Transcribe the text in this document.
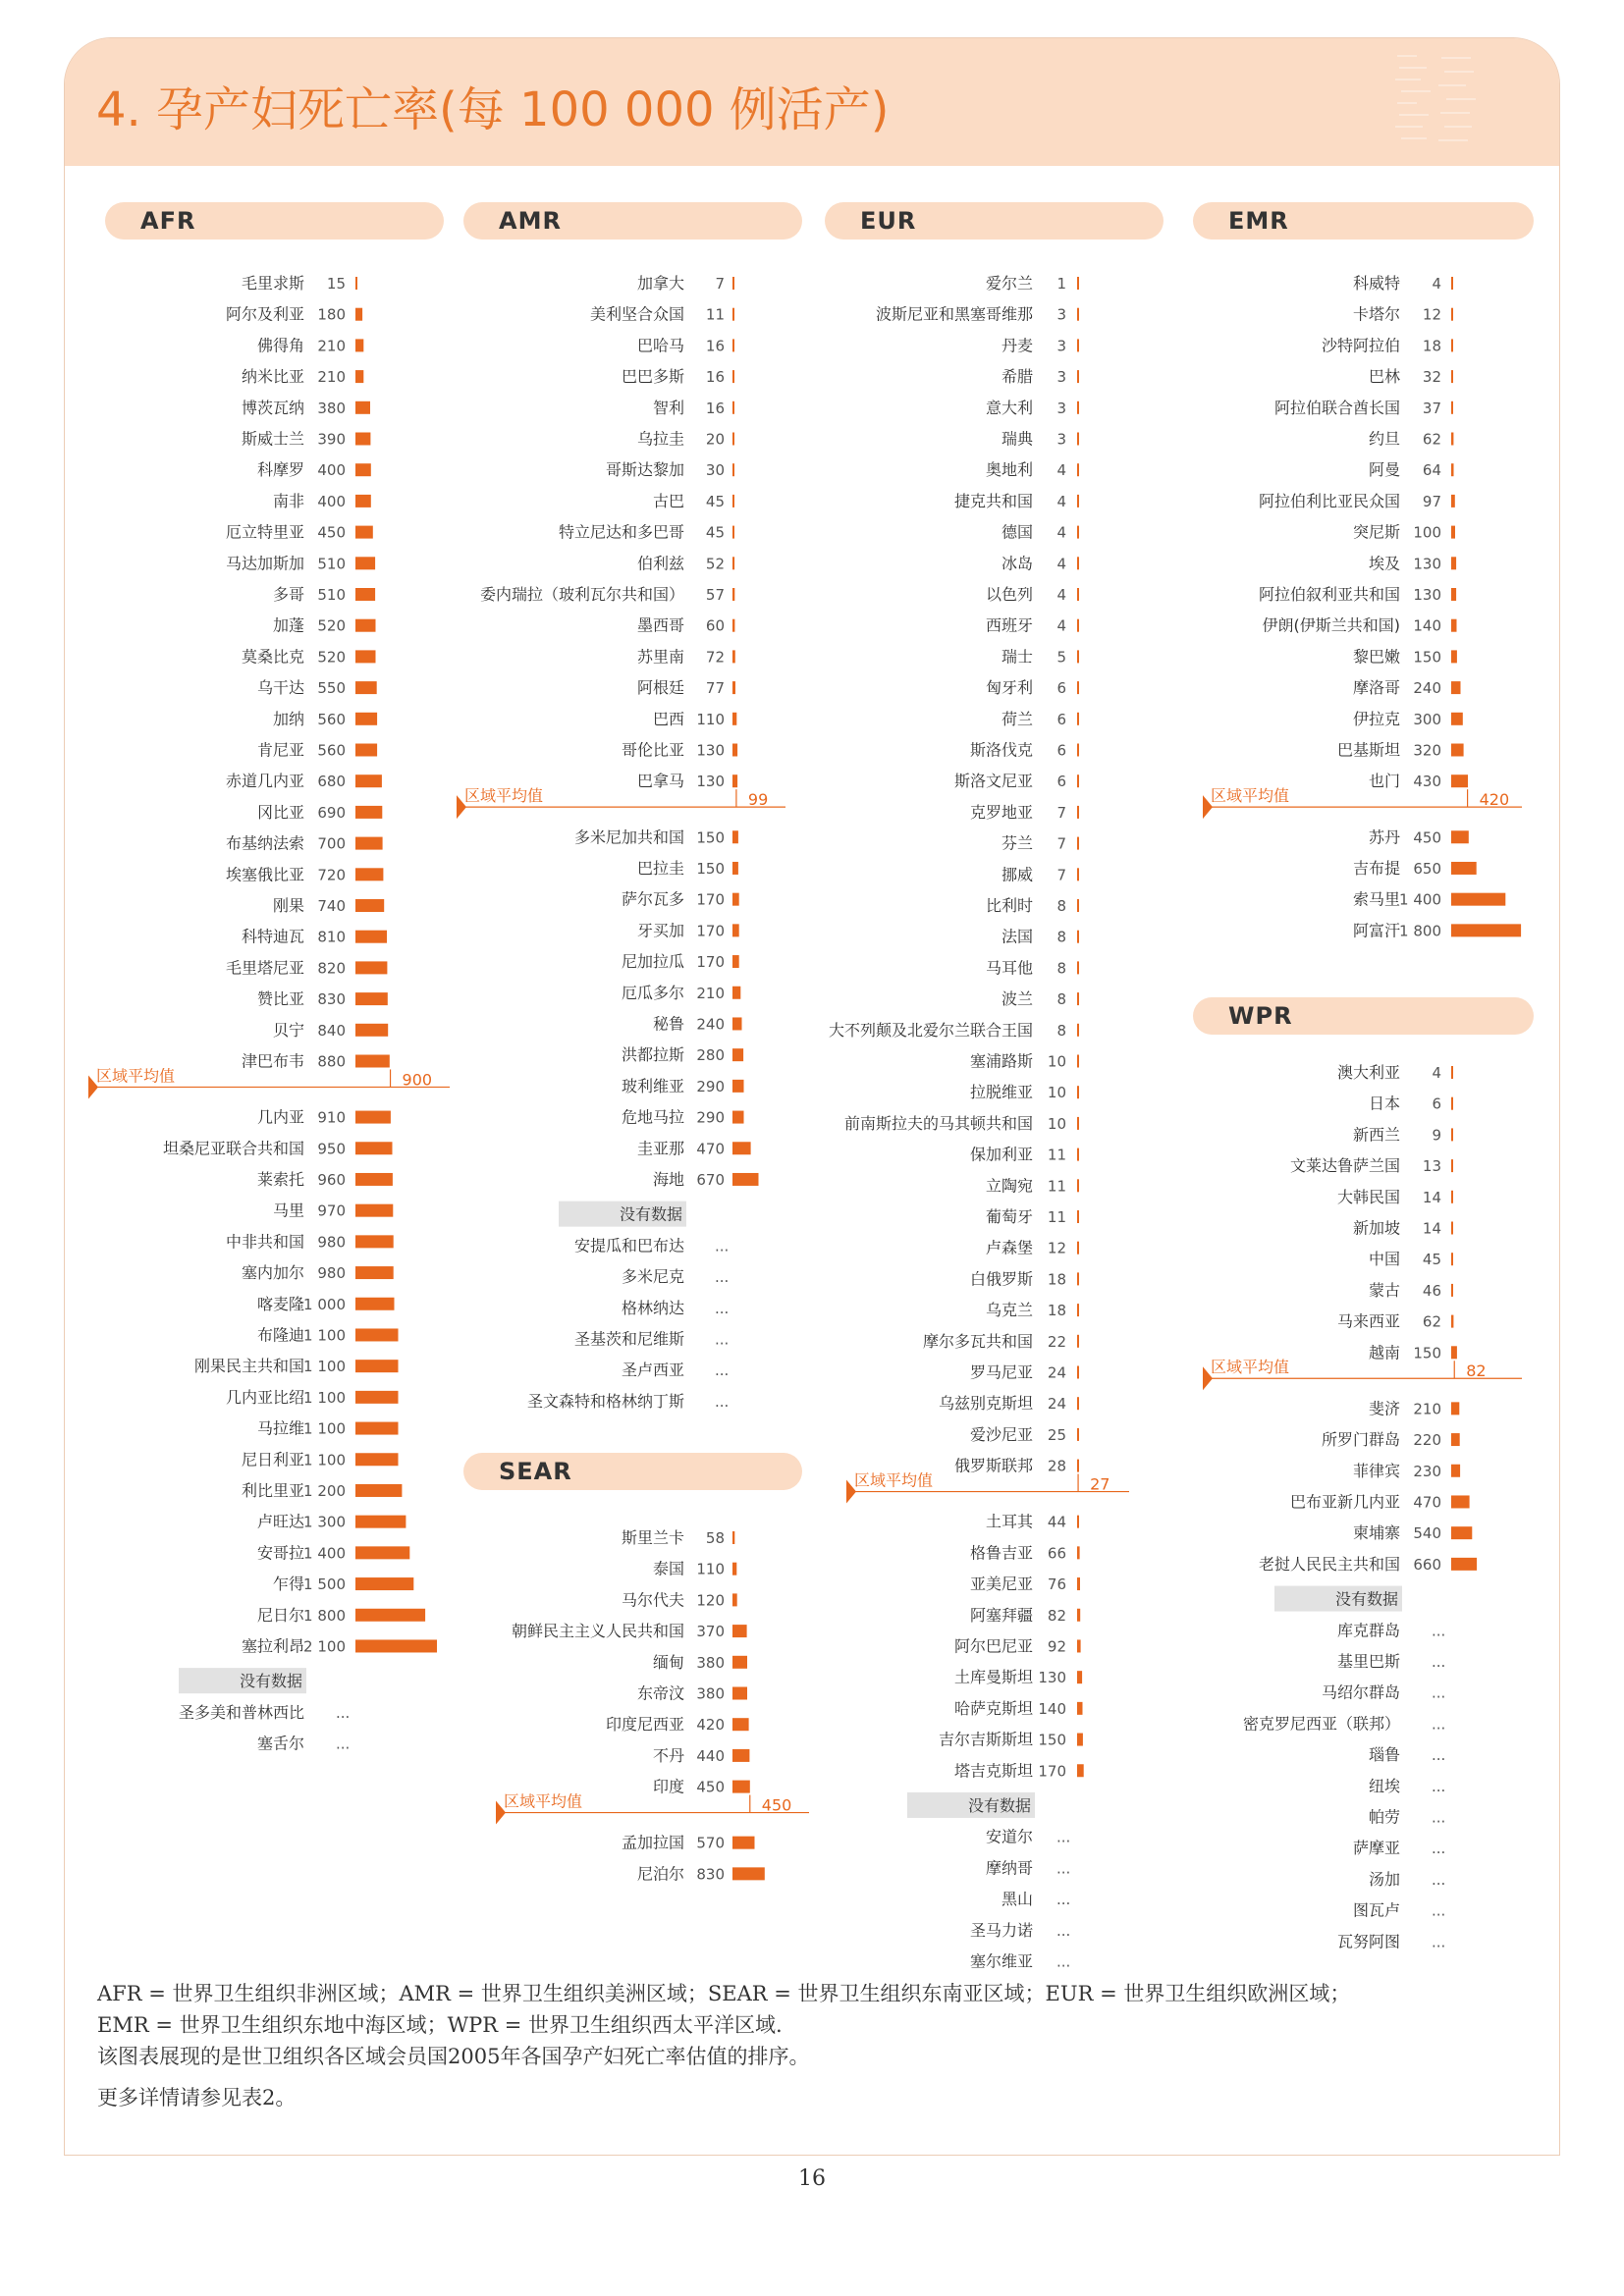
4. 孕产妇死亡率(每 100 000 例活产)
AFR	AMR
SEAR
EUR	EMR
WPR
毛里求斯 15
阿尔及利亚 180
佛得角 210
纳米比亚 210
博茨瓦纳 380
斯威士兰 390
科摩罗 400
南非 400
厄立特里亚 450
马达加斯加 510
多哥 510
加蓬 520
莫桑比克 520
乌干达 550
加纳 560
肯尼亚 560
赤道几内亚 680
冈比亚 690
布基纳法索 700
埃塞俄比亚 720
刚果 740
科特迪瓦 810
毛里塔尼亚 820
赞比亚 830
贝宁 840
津巴布韦 880
区域平均值	900
几内亚 910
坦桑尼亚联合共和国 950
莱索托 960
马里 970
中非共和国 980
塞内加尔 980
喀麦隆 1 000
布隆迪 1 100
刚果民主共和国 1 100
几内亚比绍 1 100
马拉维 1 100
尼日利亚 1 100
利比里亚 1 200
卢旺达 1 300
安哥拉 1 400
乍得 1 500
尼日尔 1 800
塞拉利昂 2 100
没有数据
圣多美和普林西比 ...
塞舌尔 ...
加拿大 7
美利坚合众国 11
巴哈马 16
巴巴多斯 16
智利 16
乌拉圭 20
哥斯达黎加 30
古巴 45
特立尼达和多巴哥 45
伯利兹 52
委内瑞拉（玻利瓦尔共和国） 57
墨西哥 60
苏里南 72
阿根廷 77
巴西 110
哥伦比亚 130
巴拿马 130
区域平均值	99
多米尼加共和国 150
巴拉圭 150
萨尔瓦多 170
牙买加 170
尼加拉瓜 170
厄瓜多尔 210
秘鲁 240
洪都拉斯 280
玻利维亚 290
危地马拉 290
圭亚那 470
海地 670
没有数据
安提瓜和巴布达 ...
多米尼克 ...
格林纳达 ...
圣基茨和尼维斯 ...
圣卢西亚 ...
圣文森特和格林纳丁斯 ...
斯里兰卡 58
泰国 110
马尔代夫 120
朝鲜民主主义人民共和国 370
缅甸 380
东帝汶 380
印度尼西亚 420
不丹 440
印度 450
区域平均值	450
孟加拉国 570
尼泊尔 830
爱尔兰 1
波斯尼亚和黑塞哥维那 3
丹麦 3
希腊 3
意大利 3
瑞典 3
奥地利 4
捷克共和国 4
德国 4
冰岛 4
以色列 4
西班牙 4
瑞士 5
匈牙利 6
荷兰 6
斯洛伐克 6
斯洛文尼亚 6
克罗地亚 7
芬兰 7
挪威 7
比利时 8
法国 8
马耳他 8
波兰 8
大不列颠及北爱尔兰联合王国 8
塞浦路斯 10
拉脱维亚 10
前南斯拉夫的马其顿共和国 10
保加利亚 11
立陶宛 11
葡萄牙 11
卢森堡 12
白俄罗斯 18
乌克兰 18
摩尔多瓦共和国 22
罗马尼亚 24
乌兹别克斯坦 24
爱沙尼亚 25
俄罗斯联邦 28
区域平均值	27
土耳其 44
格鲁吉亚 66
亚美尼亚 76
阿塞拜疆 82
阿尔巴尼亚 92
土库曼斯坦 130
哈萨克斯坦 140
吉尔吉斯斯坦 150
塔吉克斯坦 170
没有数据
安道尔 ...
摩纳哥 ...
黑山 ...
圣马力诺 ...
塞尔维亚 ...
科威特 4
卡塔尔 12
沙特阿拉伯 18
巴林 32
阿拉伯联合酋长国 37
约旦 62
阿曼 64
阿拉伯利比亚民众国 97
突尼斯 100
埃及 130
阿拉伯叙利亚共和国 130
伊朗(伊斯兰共和国) 140
黎巴嫩 150
摩洛哥 240
伊拉克 300
巴基斯坦 320
也门 430
区域平均值	420
苏丹 450
吉布提 650
索马里 1 400
阿富汗 1 800
澳大利亚 4
日本 6
新西兰 9
文莱达鲁萨兰国 13
大韩民国 14
新加坡 14
中国 45
蒙古 46
马来西亚 62
越南 150
区域平均值	82
斐济 210
所罗门群岛 220
菲律宾 230
巴布亚新几内亚 470
柬埔寨 540
老挝人民民主共和国 660
没有数据
库克群岛 ...
基里巴斯 ...
马绍尔群岛 ...
密克罗尼西亚（联邦） ...
瑙鲁 ...
纽埃 ...
帕劳 ...
萨摩亚 ...
汤加 ...
图瓦卢 ...
瓦努阿图 ...
AFR = 世界卫生组织非洲区域；AMR = 世界卫生组织美洲区域；SEAR = 世界卫生组织东南亚区域；EUR = 世界卫生组织欧洲区域；
EMR = 世界卫生组织东地中海区域；WPR = 世界卫生组织西太平洋区域.
该图表展现的是世卫组织各区域会员国2005年各国孕产妇死亡率估值的排序。
更多详情请参见表2。
16
